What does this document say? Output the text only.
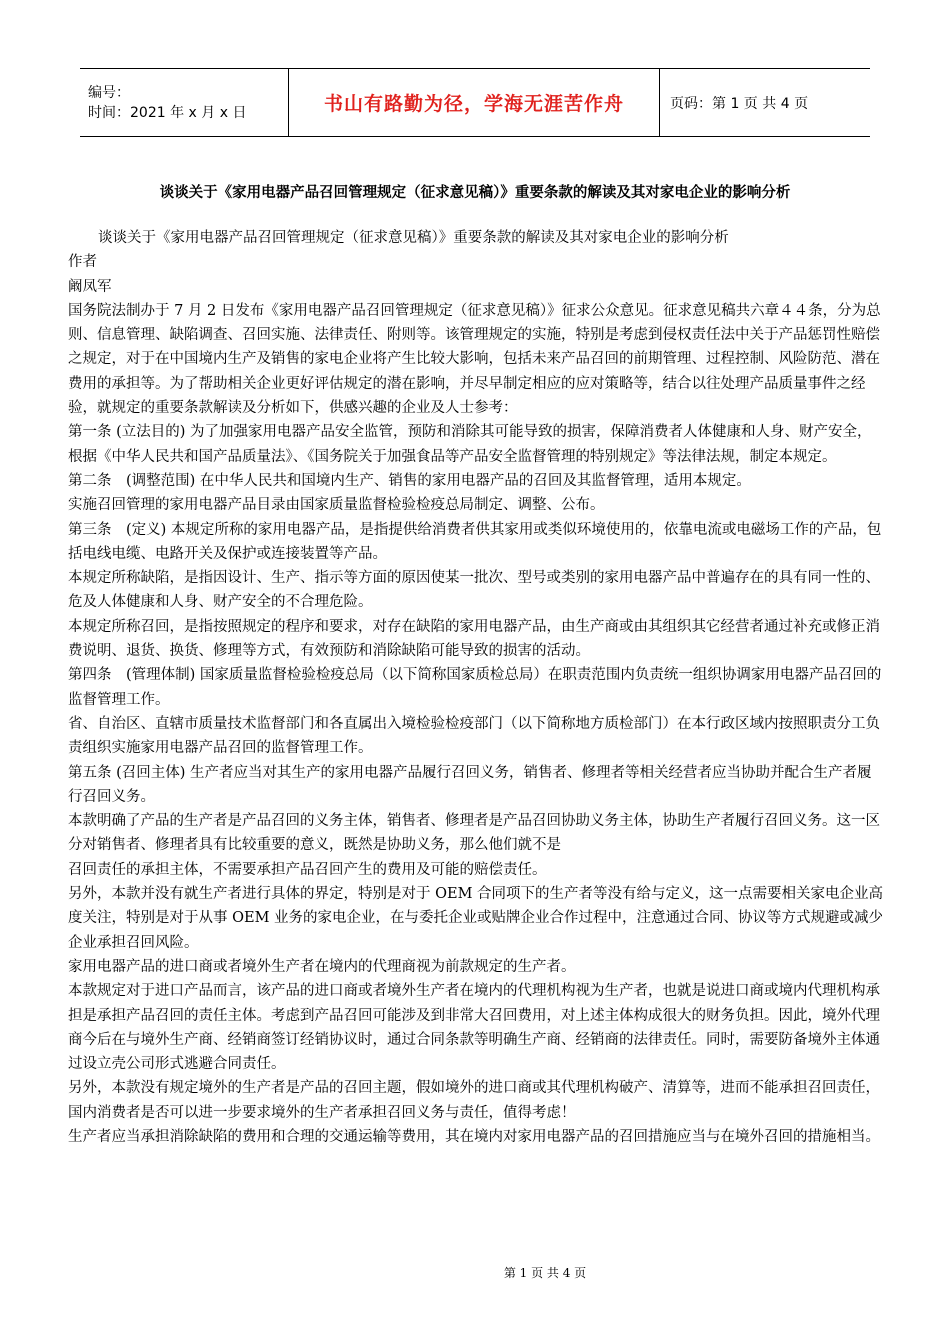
编号：
时间：2021 年 x 月 x 日	书山有路勤为径，学海无涯苦作舟	页码：第 1 页 共 4 页
谈谈关于《家用电器产品召回管理规定（征求意见稿）》重要条款的解读及其对家电企业的影响分析

谈谈关于《家用电器产品召回管理规定（征求意见稿）》重要条款的解读及其对家电企业的影响分析

作者

阚凤军

国务院法制办于 7 月 2 日发布《家用电器产品召回管理规定（征求意见稿）》征求公众意见。征求意见稿共六章４４条，分为总则、信息管理、缺陷调查、召回实施、法律责任、附则等。该管理规定的实施，特别是考虑到侵权责任法中关于产品惩罚性赔偿之规定，对于在中国境内生产及销售的家电企业将产生比较大影响，包括未来产品召回的前期管理、过程控制、风险防范、潜在费用的承担等。为了帮助相关企业更好评估规定的潜在影响，并尽早制定相应的应对策略等，结合以往处理产品质量事件之经验，就规定的重要条款解读及分析如下，供感兴趣的企业及人士参考：

第一条 (立法目的) 为了加强家用电器产品安全监管，预防和消除其可能导致的损害，保障消费者人体健康和人身、财产安全，根据《中华人民共和国产品质量法》、《国务院关于加强食品等产品安全监督管理的特别规定》等法律法规，制定本规定。

第二条　(调整范围) 在中华人民共和国境内生产、销售的家用电器产品的召回及其监督管理，适用本规定。

实施召回管理的家用电器产品目录由国家质量监督检验检疫总局制定、调整、公布。

第三条　(定义) 本规定所称的家用电器产品，是指提供给消费者供其家用或类似环境使用的，依靠电流或电磁场工作的产品，包括电线电缆、电路开关及保护或连接装置等产品。

本规定所称缺陷，是指因设计、生产、指示等方面的原因使某一批次、型号或类别的家用电器产品中普遍存在的具有同一性的、危及人体健康和人身、财产安全的不合理危险。

本规定所称召回，是指按照规定的程序和要求，对存在缺陷的家用电器产品，由生产商或由其组织其它经营者通过补充或修正消费说明、退货、换货、修理等方式，有效预防和消除缺陷可能导致的损害的活动。

第四条　(管理体制) 国家质量监督检验检疫总局（以下简称国家质检总局）在职责范围内负责统一组织协调家用电器产品召回的监督管理工作。

省、自治区、直辖市质量技术监督部门和各直属出入境检验检疫部门（以下简称地方质检部门）在本行政区域内按照职责分工负责组织实施家用电器产品召回的监督管理工作。

第五条 (召回主体) 生产者应当对其生产的家用电器产品履行召回义务，销售者、修理者等相关经营者应当协助并配合生产者履行召回义务。

本款明确了产品的生产者是产品召回的义务主体，销售者、修理者是产品召回协助义务主体，协助生产者履行召回义务。这一区分对销售者、修理者具有比较重要的意义，既然是协助义务，那么他们就不是

召回责任的承担主体，不需要承担产品召回产生的费用及可能的赔偿责任。

另外，本款并没有就生产者进行具体的界定，特别是对于 OEM 合同项下的生产者等没有给与定义，这一点需要相关家电企业高度关注，特别是对于从事 OEM 业务的家电企业，在与委托企业或贴牌企业合作过程中，注意通过合同、协议等方式规避或减少企业承担召回风险。

家用电器产品的进口商或者境外生产者在境内的代理商视为前款规定的生产者。

本款规定对于进口产品而言，该产品的进口商或者境外生产者在境内的代理机构视为生产者，也就是说进口商或境内代理机构承担是承担产品召回的责任主体。考虑到产品召回可能涉及到非常大召回费用，对上述主体构成很大的财务负担。因此，境外代理商今后在与境外生产商、经销商签订经销协议时，通过合同条款等明确生产商、经销商的法律责任。同时，需要防备境外主体通过设立壳公司形式逃避合同责任。

另外，本款没有规定境外的生产者是产品的召回主题，假如境外的进口商或其代理机构破产、清算等，进而不能承担召回责任，国内消费者是否可以进一步要求境外的生产者承担召回义务与责任，值得考虑！

生产者应当承担消除缺陷的费用和合理的交通运输等费用，其在境内对家用电器产品的召回措施应当与在境外召回的措施相当。

第 1 页 共 4 页
